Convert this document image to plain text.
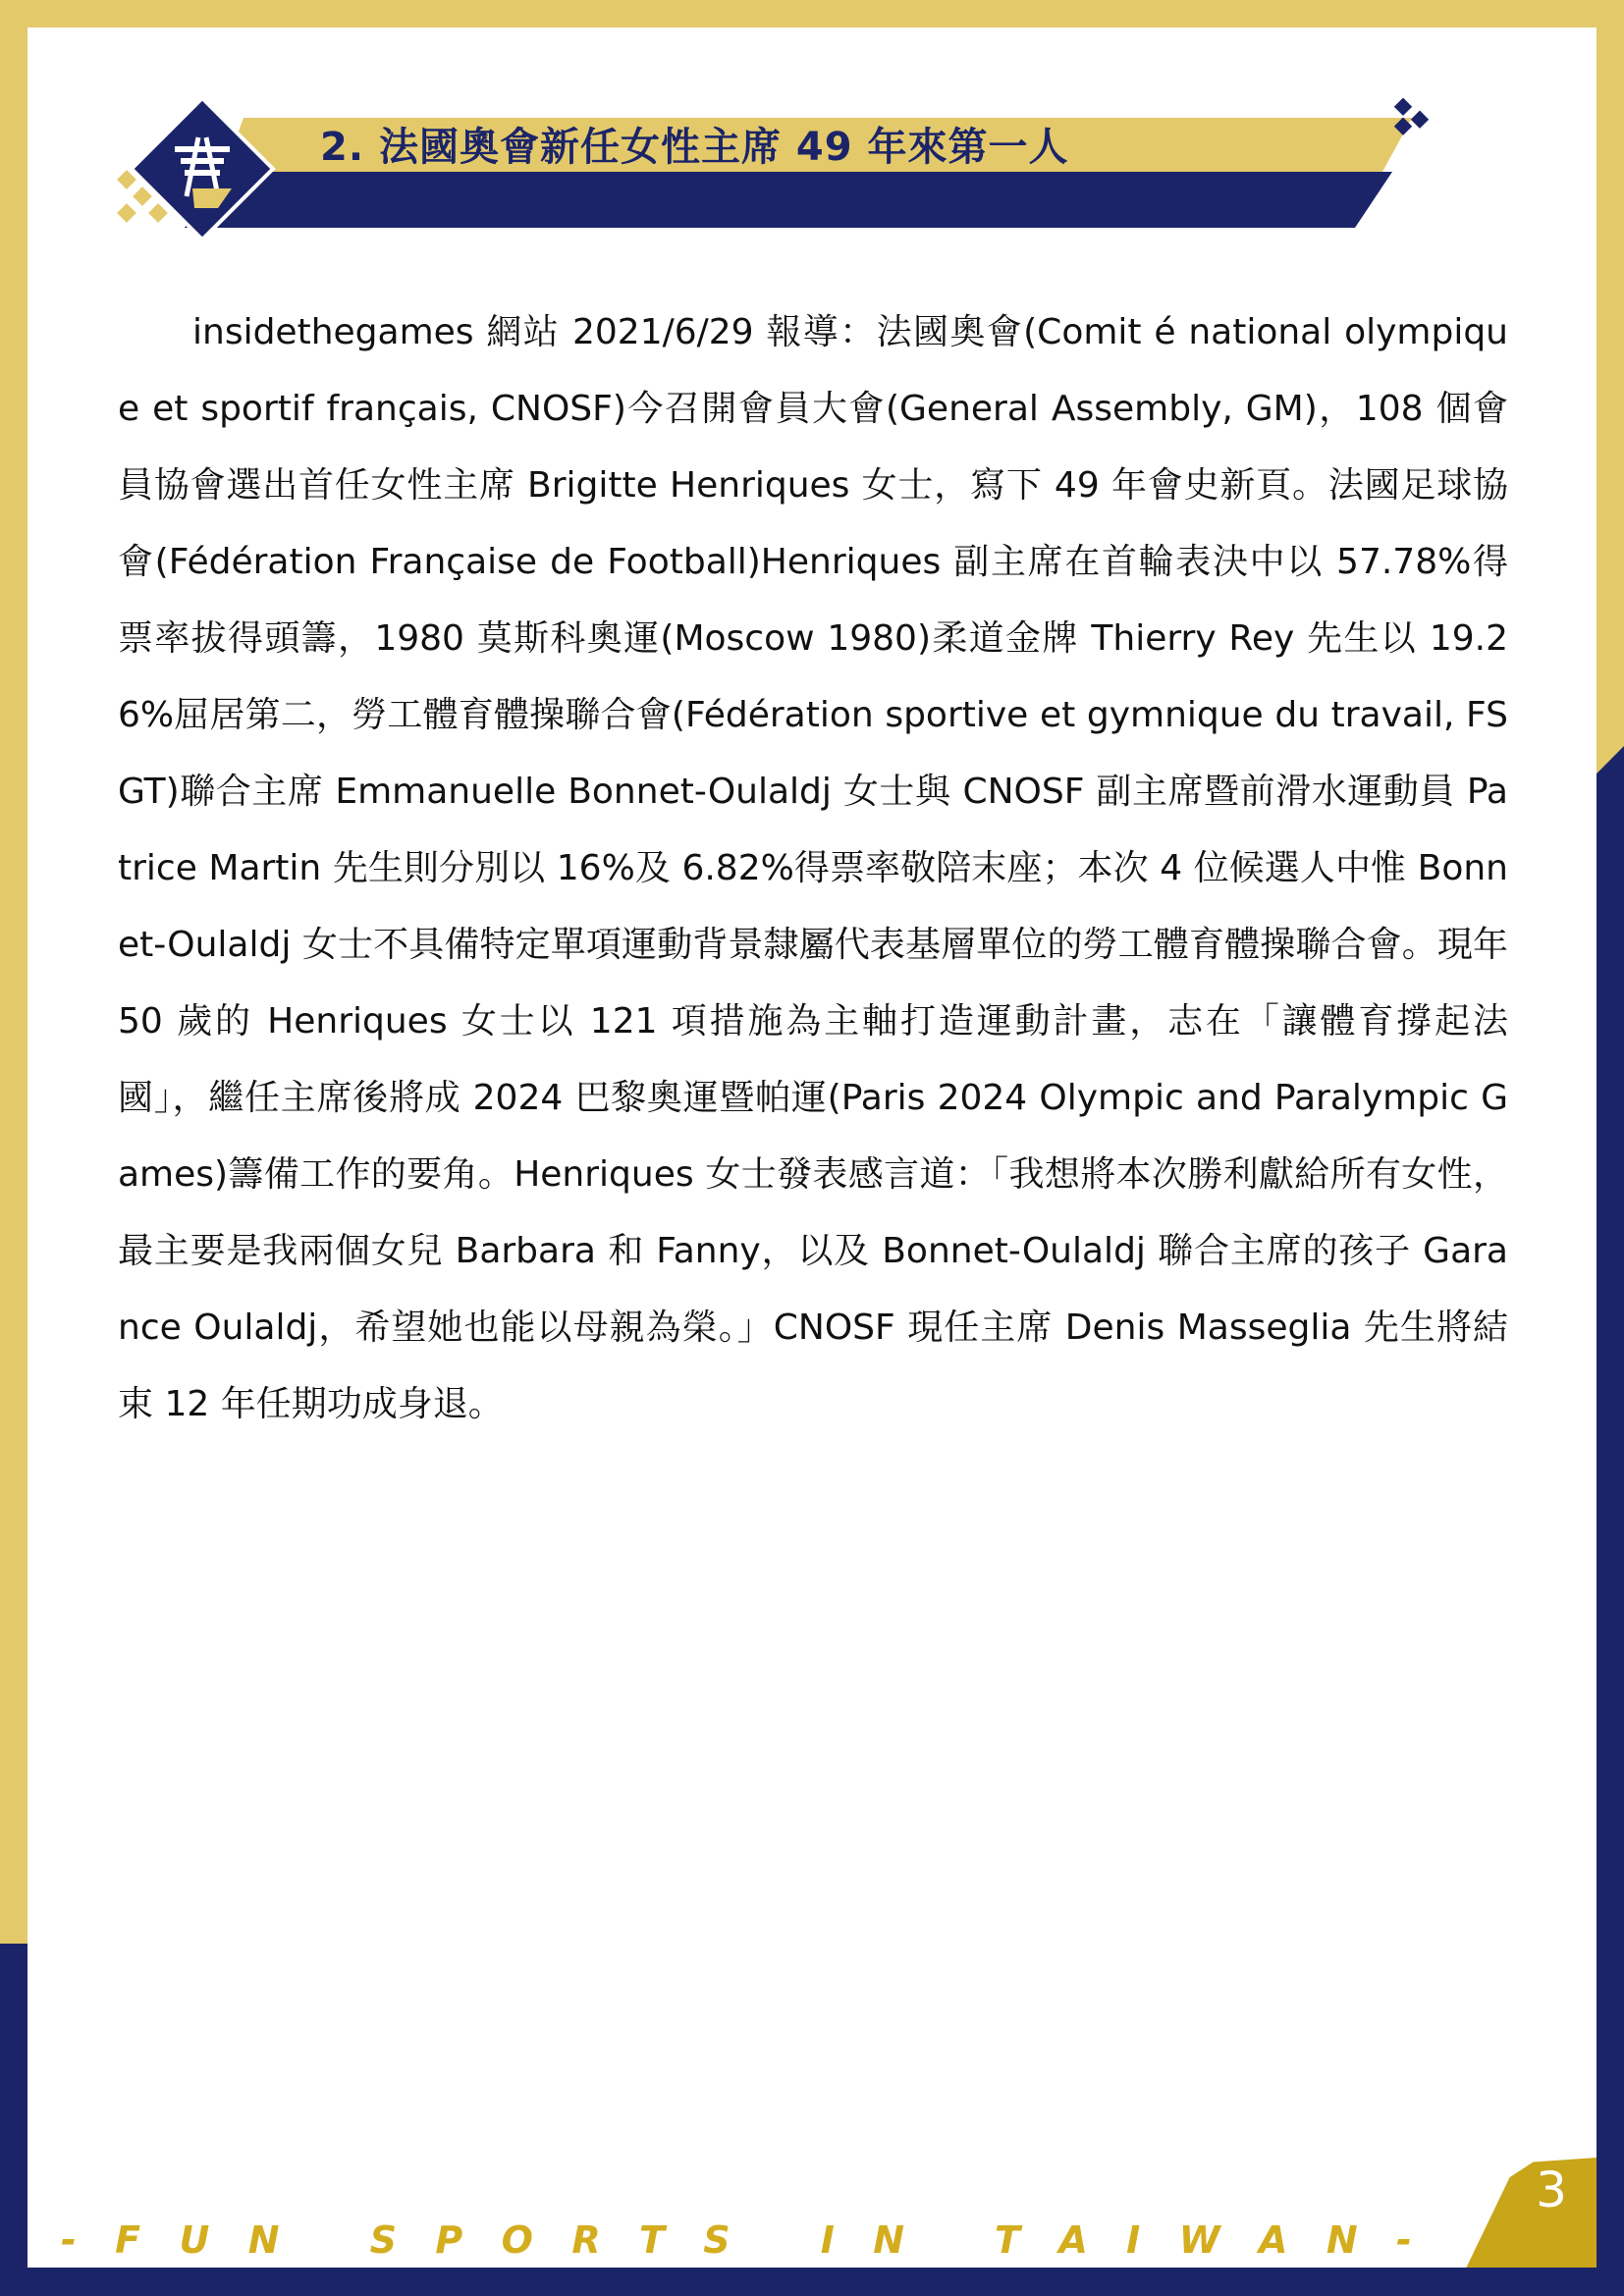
2. 法國奧會新任女性主席 49 年來第一人

insidethegames 網站 2021/6/29 報導：法國奧會(Comit é national olympique et sportif français, CNOSF)今召開會員大會(General Assembly, GM)，108 個會員協會選出首任女性主席 Brigitte Henriques 女士，寫下 49 年會史新頁。法國足球協會(Fédération Française de Football)Henriques 副主席在首輪表決中以 57.78%得票率拔得頭籌，1980 莫斯科奧運(Moscow 1980)柔道金牌 Thierry Rey 先生以 19.26%屈居第二，勞工體育體操聯合會(Fédération sportive et gymnique du travail, FSGT)聯合主席 Emmanuelle Bonnet-Oulaldj 女士與 CNOSF 副主席暨前滑水運動員 Patrice Martin 先生則分別以 16%及 6.82%得票率敬陪末座；本次 4 位候選人中惟 Bonnet-Oulaldj 女士不具備特定單項運動背景隸屬代表基層單位的勞工體育體操聯合會。現年 50 歲的 Henriques 女士以 121 項措施為主軸打造運動計畫，志在「讓體育撐起法國」，繼任主席後將成 2024 巴黎奧運暨帕運(Paris 2024 Olympic and Paralympic Games)籌備工作的要角。Henriques 女士發表感言道：「我想將本次勝利獻給所有女性，最主要是我兩個女兒 Barbara 和 Fanny，以及 Bonnet-Oulaldj 聯合主席的孩子 Garance Oulaldj，希望她也能以母親為榮。」CNOSF 現任主席 Denis Masseglia 先生將結束 12 年任期功成身退。

- F U N
S P O R T S
I N
T A I W A N -
3
